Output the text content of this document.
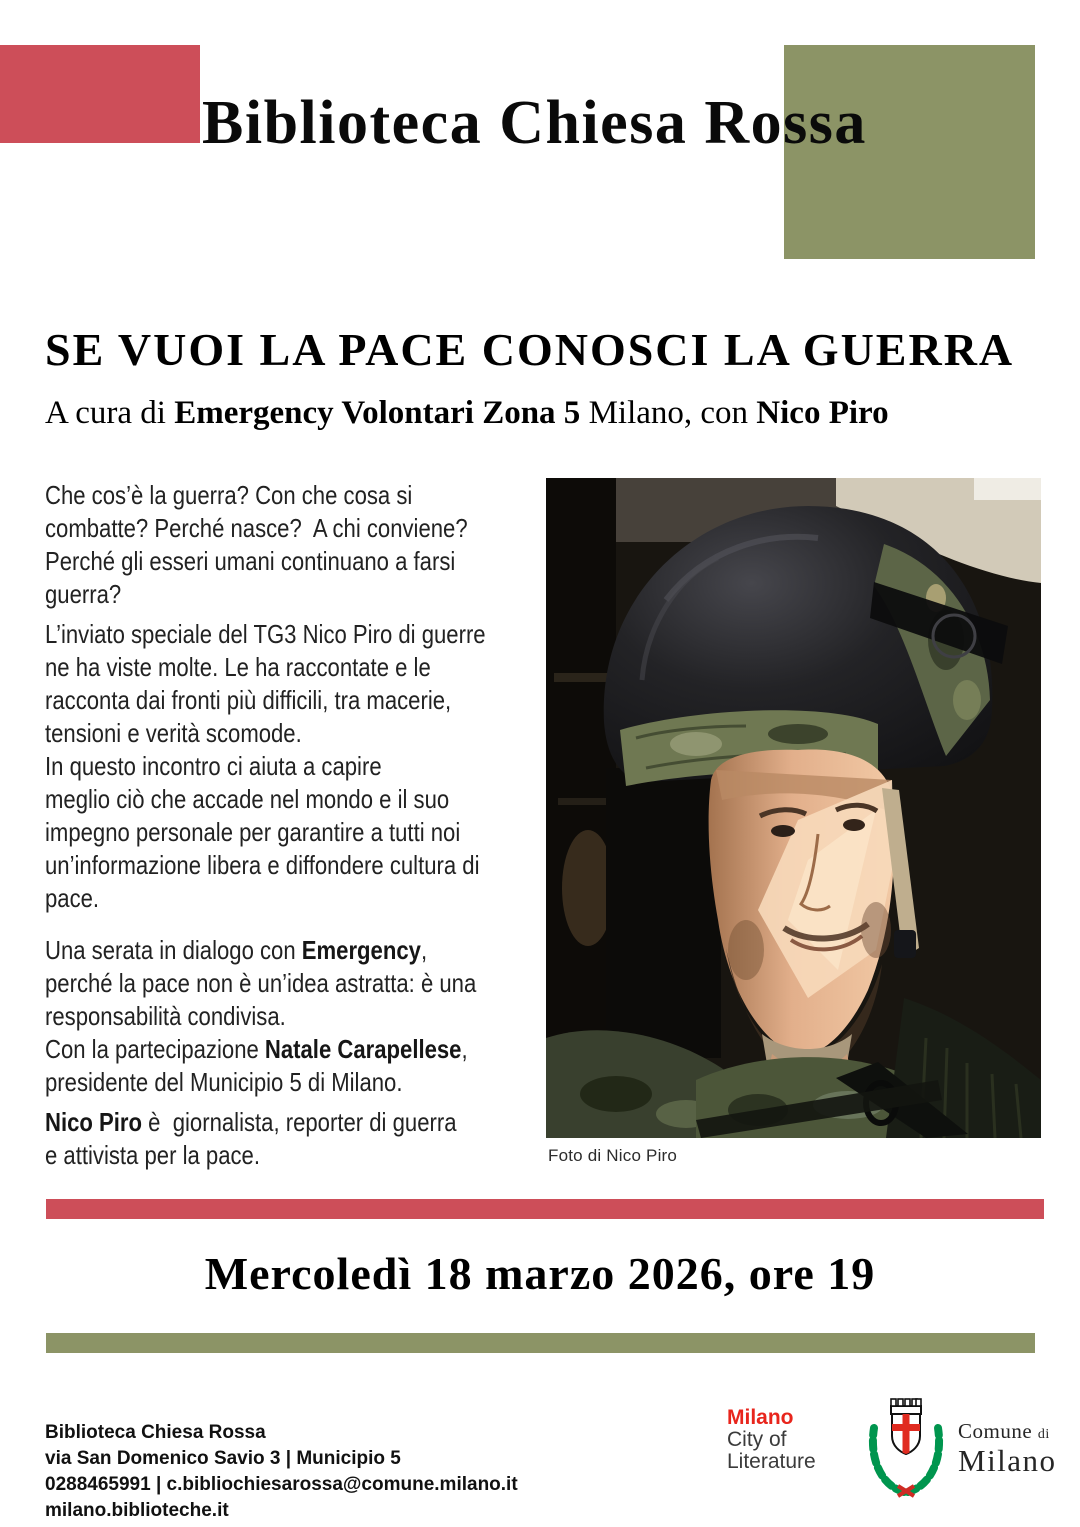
Biblioteca Chiesa Rossa
SE VUOI LA PACE CONOSCI LA GUERRA
A cura di Emergency Volontari Zona 5 Milano, con Nico Piro
Che cos’è la guerra? Con che cosa si
combatte? Perché nasce?  A chi conviene?
Perché gli esseri umani continuano a farsi
guerra?
L’inviato speciale del TG3 Nico Piro di guerre
ne ha viste molte. Le ha raccontate e le
racconta dai fronti più difficili, tra macerie,
tensioni e verità scomode.
In questo incontro ci aiuta a capire
meglio ciò che accade nel mondo e il suo
impegno personale per garantire a tutti noi
un’informazione libera e diffondere cultura di
pace.
Una serata in dialogo con Emergency,
perché la pace non è un’idea astratta: è una
responsabilità condivisa.
Con la partecipazione Natale Carapellese,
presidente del Municipio 5 di Milano.
Nico Piro è  giornalista, reporter di guerra
e attivista per la pace.	Foto di Nico Piro
Mercoledì 18 marzo 2026, ore 19
Biblioteca Chiesa Rossa
via San Domenico Savio 3 | Municipio 5
0288465991 | c.bibliochiesarossa@comune.milano.it
milano.biblioteche.it
Milano
City of
Literature
Comune di
Milano
